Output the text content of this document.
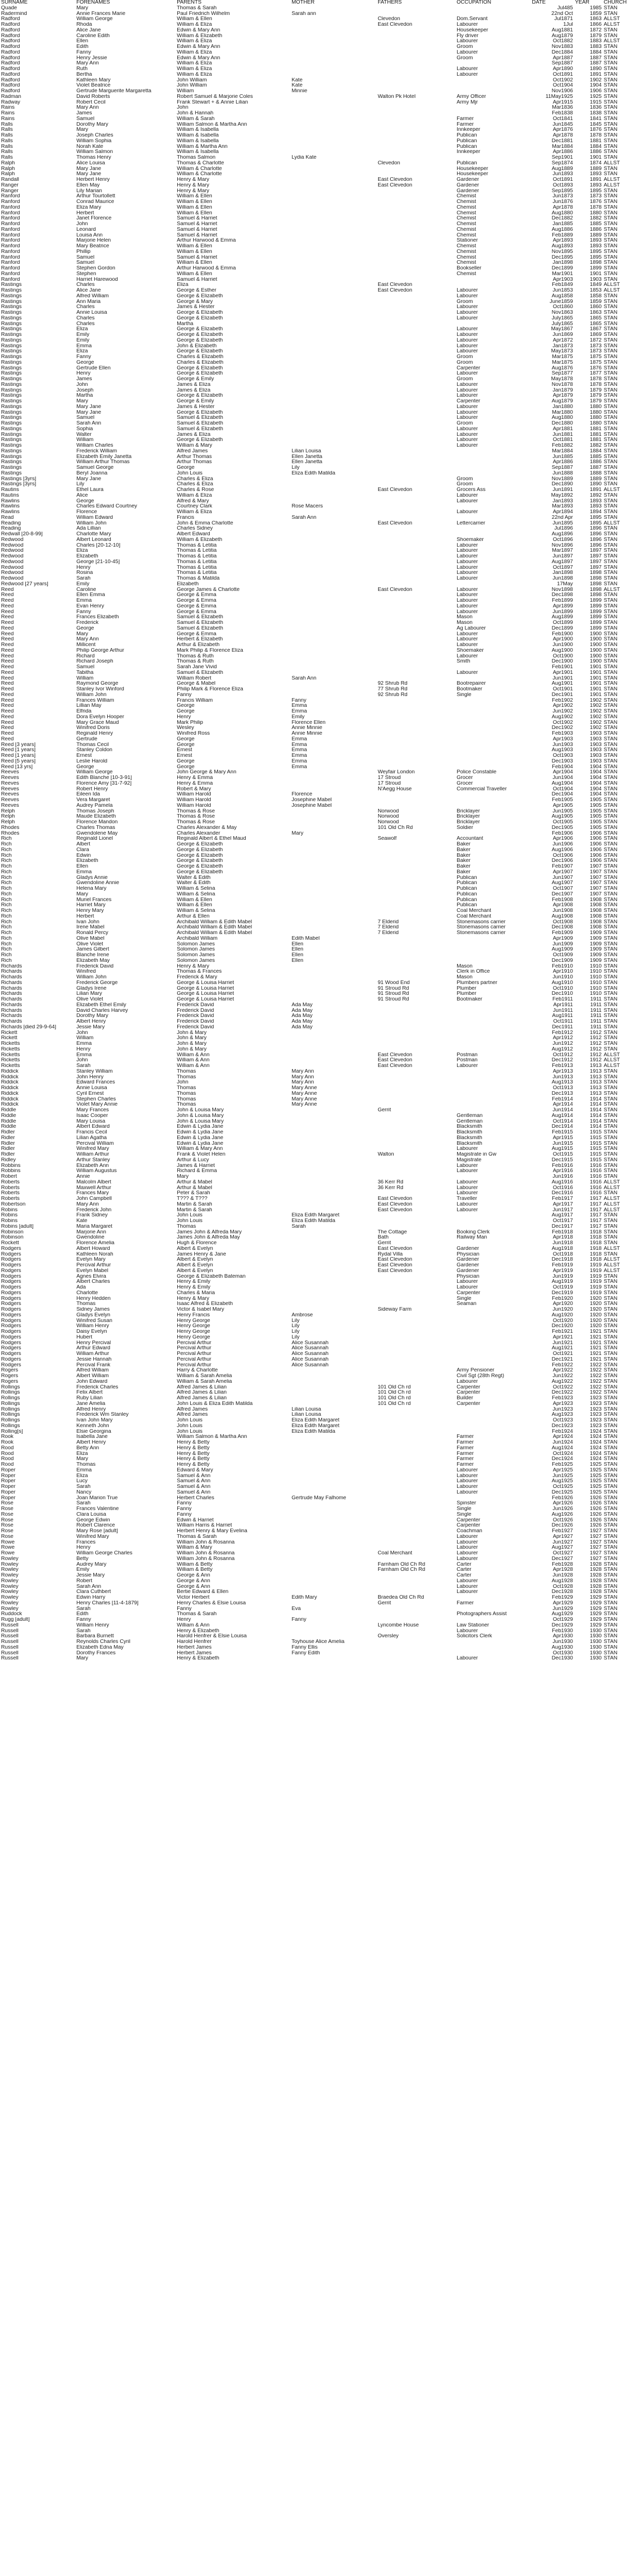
SURNAME	FORENAMES	PARENTS	MOTHER	FATHERS	OCCUPATION	DATE	YEAR	CHURCH
Quade	Mary	Thomas & Sarah				Jul485	1985	STAN
Radermind	Annie Frances Marie	Paul Friedrich Wilhelm	Sarah ann			22nd Oct	1859	STAN
Radford	William George	William & Ellen		Clevedon	Dom.Servant	Jul1871	1863	ALLST
Radford	Rhoda	William & Eliza		East Clevedon	Labourer	1Jul	1866	ALLST
Radford	Alice Jane	Edwin & Mary Ann			Housekeeper	Aug1881	1872	STAN
Radford	Caroline Edith	William & Elizabeth			Fly driver	Aug1879	1879	STAN
Radford	Ellen	William & Eliza			Labourer	Oct1882	1883	ALLST
Radford	Edith	Edwin & Mary Ann			Groom	Nov1883	1883	STAN
Radford	Fanny	William & Eliza			Labourer	Dec1884	1884	STAN
Radford	Henry Jessie	Edwin & Mary Ann			Groom	Apr1887	1887	STAN
Radford	Mary Ann	William & Eliza				Sep1887	1887	STAN
Radford	Ruth	William & Eliza			Labourer	Apr1890	1890	STAN
Radford	Bertha	William & Eliza			Labourer	Oct1891	1891	STAN
Radford	Kathleen Mary	John William	Kate			Oct1902	1902	STAN
Radford	Violet Beatrice	John William	Kate			Oct1904	1904	STAN
Radford	Gertrude Marguerite Margaretta	William	Minnie			Nov1906	1906	STAN
Radman	David Roberts	Robert Samuel & Marjorie Coles		Walton Pk Hotel	Army Officer	11May1925	1925	STAN
Radway	Robert Cecil	Frank Stewart + & Annie Lilian			Army Mjr	Apr1915	1915	STAN
Rains	Mary Ann	John				Mar1836	1836	STAN
Rains	James	John & Hannah				Feb1838	1838	STAN
Rains	Samuel	William & Sarah			Farmer	Oct1841	1841	STAN
Ralls	Dorothy Mary	William Salmon & Martha Ann			Farmer	Jun1845	1845	STAN
Ralls	Mary	William & Isabella			Innkeeper	Apr1876	1876	STAN
Ralls	Joseph Charles	William & Isabella			Publican	Apr1878	1878	STAN
Ralls	William Sophia	William & Isabella			Publican	Dec1881	1881	STAN
Ralls	Norah Kate	William & Martha Ann			Publican	Mar1884	1884	STAN
Ralls	William Salmon	William & Isabella			Innkeeper	Apr1886	1886	STAN
Ralls	Thomas Henry	Thomas Salmon	Lydia Kate			Sep1901	1901	STAN
Ralph	Alice Louisa	Thomas & Charlotte		Clevedon	Publican	Sep1874	1874	ALLST
Ralph	Mary Jane	William & Charlotte			Housekeeper	Aug1889	1889	STAN
Ralph	Mary Jane	William & Charlotte			Housekeeper	Jun1893	1893	STAN
Randall	Herbert Henry	Henry & Mary		East Clevedon	Gardener	Oct1891	1891	ALLST
Ranger	Ellen May	Henry & Mary		East Clevedon	Gardener	Oct1893	1893	ALLST
Ranger	Lily Marian	Henry & Mary			Gardener	Sep1895	1895	STAN
Ranford	Arthur Tourtollett	William & Ellen			Chemist	Jun1873	1873	STAN
Ranford	Conrad Maurice	William & Ellen			Chemist	Jun1876	1876	STAN
Ranford	Eliza Mary	William & Ellen			Chemist	Apr1878	1878	STAN
Ranford	Herbert	William & Ellen			Chemist	Aug1880	1880	STAN
Ranford	Janet Florence	Samuel & Harriet			Chemist	Dec1882	1882	STAN
Ranford	John	Samuel & Harriet			Chemist	Jan1885	1885	STAN
Ranford	Leonard	Samuel & Harriet			Chemist	Aug1886	1886	STAN
Ranford	Louisa Ann	Samuel & Harriet			Chemist	Feb1889	1889	STAN
Ranford	Marjorie Helen	Arthur Harwood & Emma			Stationer	Apr1893	1893	STAN
Ranford	Mary Beatrice	William & Ellen			Chemist	Aug1893	1893	STAN
Ranford	Phillip	William & Ellen			Chemist	Nov1895	1895	STAN
Ranford	Samuel	Samuel & Harriet			Chemist	Dec1895	1895	STAN
Ranford	Samuel	William & Ellen			Chemist	Jan1898	1898	STAN
Ranford	Stephen Gordon	Arthur Harwood & Emma			Bookseller	Dec1899	1899	STAN
Ranford	Stephen	William & Ellen			Chemist	Mar1901	1901	STAN
Ranford	Harriet Harewood	Samuel & Harriet				Apr1903	1903	STAN
Rastings	Charles	Eliza		East Clevedon		Feb1849	1849	ALLST
Rastings	Alice Jane	George & Esther		East Clevedon	Labourer	Jun1853	1853	ALLST
Rastings	Alfred William	George & Elizabeth			Labourer	Aug1858	1858	STAN
Rastings	Ann Maria	George & Mary			Groom	June1859	1859	STAN
Rastings	Charles	James & Hester			Labourer	Oct1860	1860	STAN
Rastings	Annie Louisa	George & Elizabeth			Labourer	Nov1863	1863	STAN
Rastings	Charles	George & Elizabeth			Labourer	July1865	1865	STAN
Rastings	Charles	Martha				July1865	1865	STAN
Rastings	Eliza	George & Elizabeth			Labourer	May1867	1867	STAN
Rastings	Emily	George & Elizabeth			Labourer	Jun1869	1869	STAN
Rastings	Emily	George & Elizabeth			Labourer	Apr1872	1872	STAN
Rastings	Emma	John & Elizabeth			Labourer	Jan1873	1873	STAN
Rastings	Eliza	George & Elizabeth			Labourer	May1873	1873	STAN
Rastings	Fanny	Charles & Elizabeth			Groom	Mar1875	1875	STAN
Rastings	George	Charles & Elizabeth			Groom	Mar1875	1875	STAN
Rastings	Gertrude Ellen	George & Elizabeth			Carpenter	Aug1876	1876	STAN
Rastings	Henry	George & Elizabeth			Labourer	Sep1877	1877	STAN
Rastings	James	George & Emily			Groom	May1878	1878	STAN
Rastings	John	James & Eliza			Labourer	Nov1878	1878	STAN
Rastings	Joseph	James & Eliza			Labourer	Jan1879	1879	STAN
Rastings	Martha	George & Elizabeth			Labourer	Apr1879	1879	STAN
Rastings	Mary	George & Emily			Carpenter	Aug1879	1879	STAN
Rastings	Mary Jane	James & Hester			Labourer	Jan1880	1880	STAN
Rastings	Mary Jane	George & Elizabeth			Labourer	Mar1880	1880	STAN
Rastings	Samuel	Samuel & Elizabeth			Labourer	Aug1880	1880	STAN
Rastings	Sarah Ann	Samuel & Elizabeth			Groom	Dec1880	1880	STAN
Rastings	Sophia	Samuel & Elizabeth			Labourer	Apr1881	1881	STAN
Rastings	Walter	James & Eliza			Labourer	Jun1881	1881	STAN
Rastings	William	George & Elizabeth			Labourer	Oct1881	1881	STAN
Rastings	William Charles	William & Mary			Labourer	Feb1882	1882	STAN
Rastings	Frederick William	Alfred James	Lilian Louisa			Mar1884	1884	STAN
Rastings	Elizabeth Emily Janetta	Arthur Thomas	Ellen Janetta			Jun1885	1885	STAN
Rastings	William Arthur Thomas	Arthur Thomas	Ellen Janetta			Apr1886	1886	STAN
Rastings	Samuel George	George	Lily			Sep1887	1887	STAN
Rastings	Beryl Joanna	John Louis	Eliza Edith Matilda			Jun1888	1888	STAN
Rastings [3yrs]	Mary Jane	Charles & Eliza			Groom	Nov1889	1889	STAN
Rastings [3yrs]	Lily	Charles & Eliza			Groom	Dec1890	1890	STAN
Rautins	Ethel Laura	Charles & Rose		East Clevedon	Grocers Ass	Jun1891	1891	ALLST
Rautins	Alice	William & Eliza			Labourer	May1892	1892	STAN
Rawlins	George	Alfred & Mary			Labourer	Jan1893	1893	STAN
Rawlins	Charles Edward Courtney	Courtney Clark	Rose Macers			Mar1893	1893	STAN
Rawlins	Florence	William & Eliza			Labourer	Apr1894	1894	STAN
Read	William Edward	Francis	Sarah Ann			22nd Apr	1895	STAN
Reading	William John	John & Emma Charlotte		East Clevedon	Lettercarrier	Jun1895	1895	ALLST
Reading	Ada Lillian	Charles Sidney				Jul1896	1896	STAN
Redwall [20-8-99]	Charlotte Mary	Albert Edward				Aug1896	1896	STAN
Redwood	Albert Leonard	William & Elizabeth			Shoemaker	Oct1896	1896	STAN
Redwood	Charles [20-12-10]	Thomas & Letitia			Labourer	Nov1896	1896	STAN
Redwood	Eliza	Thomas & Letitia			Labourer	Mar1897	1897	STAN
Redwood	Elizabeth	Thomas & Letitia			Labourer	Jun1897	1897	STAN
Redwood	George [21-10-45]	Thomas & Letitia			Labourer	Aug1897	1897	STAN
Redwood	Henry	Thomas & Letitia			Labourer	Oct1897	1897	STAN
Redwood	Rosina	Thomas & Letitia			Labourer	Jan1898	1898	STAN
Redwood	Sarah	Thomas & Matilda			Labourer	Jun1898	1898	STAN
Redwood [27 years]	Emily	Elizabeth				17May	1898	STAN
Reed	Caroline	George James & Charlotte		East Clevedon	Labourer	Nov1898	1898	ALLST
Reed	Ellen Emma	George & Emma			Labourer	Dec1898	1898	STAN
Reed	Emma	George & Emma			Labourer	Feb1899	1899	STAN
Reed	Evan Henry	George & Emma			Labourer	Apr1899	1899	STAN
Reed	Fanny	George & Emma			Labourer	Jun1899	1899	STAN
Reed	Frances Elizabeth	Samuel & Elizabeth			Mason	Aug1899	1899	STAN
Reed	Frederick	Samuel & Elizabeth			Mason	Oct1899	1899	STAN
Reed	George	Samuel & Elizabeth			Ag Labourer	Dec1899	1899	STAN
Reed	Mary	George & Emma			Labourer	Feb1900	1900	STAN
Reed	Mary Ann	Herbert & Elizabeth			Labourer	Apr1900	1900	STAN
Reed	Millicent	Arthur & Elizabeth			Labourer	Jun1900	1900	STAN
Reed	Philip George Arthur	Mark Philip & Florence Eliza			Shoemaker	Aug1900	1900	STAN
Reed	Richard	Thomas & Ruth			Labourer	Oct1900	1900	STAN
Reed	Richard Joseph	Thomas & Ruth			Smith	Dec1900	1900	STAN
Reed	Samuel	Sarah Jane Vivid				Feb1901	1901	STAN
Reed	Tabitha	Samuel & Elizabeth			Labourer	Apr1901	1901	STAN
Reed	William	William Robert	Sarah Ann			Jun1901	1901	STAN
Reed	Raymond George	George & Mabel		92 Shrub Rd	Bootrepairer	Aug1901	1901	STAN
Reed	Stanley Ivor Winford	Philip Mark & Florence Eliza		77 Shrub Rd	Bootmaker	Oct1901	1901	STAN
Reed	William John	Fanny		92 Shrub Rd	Single	Dec1901	1901	STAN
Reed	Frances William	Francis William	Fanny			Feb1902	1902	STAN
Reed	Lillian May	George	Emma			Apr1902	1902	STAN
Reed	Elfrida	George	Emma			Jun1902	1902	STAN
Reed	Dora Evelyn Hooper	Henry	Emily			Aug1902	1902	STAN
Reed	Mary Grace Maud	Mark Philip	Florence Ellen			Oct1902	1902	STAN
Reed	Winifred Doris	Wesley	Annie Minnie			Dec1902	1902	STAN
Reed	Reginald Henry	Winifred Ross	Annie Minnie			Feb1903	1903	STAN
Reed	Gertrude	George	Emma			Apr1903	1903	STAN
Reed [3 years]	Thomas Cecil	George	Emma			Jun1903	1903	STAN
Reed [1 years]	Stanley Coldon	Ernest	Emma			Aug1903	1903	STAN
Reed [1 years]	Ernest	Ernest	Emma			Oct1903	1903	STAN
Reed [5 years]	Leslie Harold	George	Emma			Dec1903	1903	STAN
Reed [13 yrs]	George	George	Emma			Feb1904	1904	STAN
Reeves	William George	John George & Mary Ann		Weyfair London	Police Constable	Apr1904	1904	STAN
Reeves	Edith Blanche [10-3-91]	Henry & Emma		17 Stroud	Grocer	Jun1904	1904	STAN
Reeves	Florence Amy [31-7-92]	Henry & Emma		17 Stroud	Grocer	Aug1904	1904	STAN
Reeves	Robert Henry	Robert & Mary		N'Aegg House	Commercial Traveller	Oct1904	1904	STAN
Reeves	Eileen Ida	William Harold	Florence			Dec1904	1904	STAN
Reeves	Vera Margaret	William Harold	Josephine Mabel			Feb1905	1905	STAN
Reeves	Audrey Pamela	William Harold	Josephine Mabel			Apr1905	1905	STAN
Relph	Thomas Joseph	Thomas & Rose		Norwood	Bricklayer	Jun1905	1905	STAN
Relph	Maude Elizabeth	Thomas & Rose		Norwood	Bricklayer	Aug1905	1905	STAN
Relph	Florence Mandon	Thomas & Rose		Norwood	Bricklayer	Oct1905	1905	STAN
Rhodes	Charles Thomas	Charles Alexander & May		101 Old Ch Rd	Soldier	Dec1905	1905	STAN
Rhodes	Gwendolene May	Charles Alexander	Mary			Feb1906	1906	STAN
Rich	Reginald Lionel	Reginald Albert & Ethel Maud		Seawolf	Accountant	Apr1906	1906	STAN
Rich	Albert	George & Elizabeth			Baker	Jun1906	1906	STAN
Rich	Clara	George & Elizabeth			Baker	Aug1906	1906	STAN
Rich	Edwin	George & Elizabeth			Baker	Oct1906	1906	STAN
Rich	Elizabeth	George & Elizabeth			Baker	Dec1906	1906	STAN
Rich	Ellen	George & Elizabeth			Baker	Feb1907	1907	STAN
Rich	Emma	George & Elizabeth			Baker	Apr1907	1907	STAN
Rich	Gladys Annie	Walter & Edith			Publican	Jun1907	1907	STAN
Rich	Gwendoline Annie	Walter & Edith			Publican	Aug1907	1907	STAN
Rich	Helena Mary	William & Selina			Publican	Oct1907	1907	STAN
Rich	Mary	William & Selina			Publican	Dec1907	1907	STAN
Rich	Muriel Frances	William & Ellen			Publican	Feb1908	1908	STAN
Rich	Harriet Mary	William & Ellen			Publican	Apr1908	1908	STAN
Rich	Henry Mary	William & Selina			Coal Merchant	Jun1908	1908	STAN
Rich	Herbert	Arthur & Ellen			Coal Merchant	Aug1908	1908	STAN
Rich	Ivan John	Archibald William & Edith Mabel		7 Elderid	Stonemasons carrier	Oct1908	1908	STAN
Rich	Irene Mabel	Archibald William & Edith Mabel		7 Elderid	Stonemasons carrier	Dec1908	1908	STAN
Rich	Ronald Percy	Archibald William & Edith Mabel		7 Elderid	Stonemasons carrier	Feb1909	1909	STAN
Rich	Olive Mabel	Archibald William	Edith Mabel			Apr1909	1909	STAN
Rich	Olive Violet	Solomon James	Ellen			Jun1909	1909	STAN
Rich	James Gilbert	Solomon James	Ellen			Aug1909	1909	STAN
Rich	Blanche Irene	Solomon James	Ellen			Oct1909	1909	STAN
Rich	Elizabeth May	Solomon James	Ellen			Dec1909	1909	STAN
Richards	Frederick David	Henry & Mary			Mason	Feb1910	1910	STAN
Richards	Winifred	Thomas & Frances			Clerk in Office	Apr1910	1910	STAN
Richards	William John	Frederick & Mary			Mason	Jun1910	1910	STAN
Richards	Frederick George	George & Louisa Harriet		91 Wood End	Plumbers partner	Aug1910	1910	STAN
Richards	Gladys Irene	George & Louisa Harriet		91 Stroud Rd	Plumber	Oct1910	1910	STAN
Richards	Lilian Mary	George & Louisa Harriet		91 Stroud Rd	Plumber	Dec1910	1910	STAN
Richards	Olive Violet	George & Louisa Harriet		91 Stroud Rd	Bootmaker	Feb1911	1911	STAN
Richards	Elizabeth Ethel Emily	Frederick David	Ada May			Apr1911	1911	STAN
Richards	David Charles Harvey	Frederick David	Ada May			Jun1911	1911	STAN
Richards	Dorothy Mary	Frederick David	Ada May			Aug1911	1911	STAN
Richards	Albert Henry	Frederick David	Ada May			Oct1911	1911	STAN
Richards [died 29-9-64]	Jessie Mary	Frederick David	Ada May			Dec1911	1911	STAN
Rickett	John	John & Mary				Feb1912	1912	STAN
Rickett	William	John & Mary				Apr1912	1912	STAN
Ricketts	Emma	John & Mary				Jun1912	1912	STAN
Ricketts	Henry	John & Mary				Aug1912	1912	STAN
Ricketts	Emma	William & Ann		East Clevedon	Postman	Oct1912	1912	ALLST
Ricketts	John	William & Ann		East Clevedon	Postman	Dec1912	1912	ALLST
Ricketts	Sarah	William & Ann		East Clevedon	Labourer	Feb1913	1913	ALLST
Riddick	Stanley William	Thomas	Mary Ann			Apr1913	1913	STAN
Riddick	John Henry	Thomas	Mary Ann			Jun1913	1913	STAN
Riddick	Edward Frances	John	Mary Ann			Aug1913	1913	STAN
Riddick	Annie Louisa	Thomas	Mary Anne			Oct1913	1913	STAN
Riddick	Cyril Ernest	Thomas	Mary Anne			Dec1913	1913	STAN
Riddick	Stephen Charles	Thomas	Mary Anne			Feb1914	1914	STAN
Riddick	Violet Mary Annie	Thomas	Mary Anne			Apr1914	1914	STAN
Riddle	Mary Frances	John & Louisa Mary		Gerrit		Jun1914	1914	STAN
Riddle	Isaac Cooper	John & Louisa Mary			Gentleman	Aug1914	1914	STAN
Riddle	Mary Louisa	John & Louisa Mary			Gentleman	Oct1914	1914	STAN
Riddle	Albert Edward	Edwin & Lydia Jane			Blacksmith	Dec1914	1914	STAN
Ridler	Francis Cecil	Edwin & Lydia Jane			Blacksmith	Feb1915	1915	STAN
Ridler	Lilian Agatha	Edwin & Lydia Jane			Blacksmith	Apr1915	1915	STAN
Ridler	Percival William	Edwin & Lydia Jane			Blacksmith	Jun1915	1915	STAN
Ridler	Winifred Mary	William & Mary Ann			Labourer	Aug1915	1915	STAN
Ridler	William Arthur	Frank & Violet Helen		Walton	Magistrate in Gw	Oct1915	1915	STAN
Ridley	Arthur Stanley	Arthur & Lucy			Magistrate	Dec1915	1915	STAN
Robbins	Elizabeth Ann	James & Harriet			Labourer	Feb1916	1916	STAN
Robbins	William Augustus	Richard & Emma			Labourer	Apr1916	1916	STAN
Robert	Annie	Mary				Jun1916	1916	STAN
Roberts	Malcolm Albert	Arthur & Mabel		36 Kerr Rd	Labourer	Aug1916	1916	ALLST
Roberts	Maxwell Arthur	Arthur & Mabel		36 Kerr Rd	Labourer	Oct1916	1916	ALLST
Roberts	Frances Mary	Peter & Sarah			Labourer	Dec1916	1916	STAN
Roberts	John Campbell	T??? & T???		East Clevedon	Traveller	Feb1917	1917	ALLST
Robertson	Mary Ann	Martin & Sarah		East Clevedon	Labourer	Apr1917	1917	ALLST
Robins	Frederick John	Martin & Sarah		East Clevedon	Labourer	Jun1917	1917	ALLST
Robins	Frank Sidney	John Louis	Eliza Edith Margaret			Aug1917	1917	STAN
Robins	Kate	John Louis	Eliza Edith Matilda			Oct1917	1917	STAN
Robins [adult]	Maria Margaret	Thomas	Sarah			Dec1917	1917	STAN
Robinson	Marjorie Ann	James John & Alfreda Mary		The Cottage	Booking Clerk	Feb1918	1918	STAN
Robinson	Gwendoline	James John & Alfreda May		Bath	Railway Man	Apr1918	1918	STAN
Rockett	Florence Amelia	Hugh & Florence		Gerrit		Jun1918	1918	STAN
Rodgers	Albert Howard	Albert & Evelyn		East Clevedon	Gardener	Aug1918	1918	ALLST
Rodgers	Kathleen Norah	James Henry & Jane		Rydal Villa	Physician	Oct1918	1918	STAN
Rodgers	Evelyn Mary	Albert & Evelyn		East Clevedon	Gardener	Dec1918	1918	ALLST
Rodgers	Percival Arthur	Albert & Evelyn		East Clevedon	Gardener	Feb1919	1919	ALLST
Rodgers	Evelyn Mabel	Albert & Evelyn		East Clevedon	Gardener	Apr1919	1919	ALLST
Rodgers	Agnes Elvira	George & Elizabeth Bateman			Physician	Jun1919	1919	STAN
Rodgers	Albert Charles	Henry & Emily			Labourer	Aug1919	1919	STAN
Rodgers	Ada	Henry & Emily			Labourer	Oct1919	1919	STAN
Rodgers	Charlotte	Charles & Maria			Carpenter	Dec1919	1919	STAN
Rodgers	Henry Hedden	Henry & Mary			Single	Feb1920	1920	STAN
Rodgers	Thomas	Isaac Alfred & Elizabeth			Seaman	Apr1920	1920	STAN
Rodgers	Sidney James	Victor & Isabel Mary		Sideway Farm		Jun1920	1920	STAN
Rodgers	Gladys Evelyn	Henry Francis	Ambrose			Aug1920	1920	STAN
Rodgers	Winifred Susan	Henry George	Lily			Oct1920	1920	STAN
Rodgers	William Henry	Henry George	Lily			Dec1920	1920	STAN
Rodgers	Daisy Evelyn	Henry George	Lily			Feb1921	1921	STAN
Rodgers	Hubert	Henry George	Lily			Apr1921	1921	STAN
Rodgers	Henry Percival	Percival Arthur	Alice Susannah			Jun1921	1921	STAN
Rodgers	Arthur Edward	Percival Arthur	Alice Susannah			Aug1921	1921	STAN
Rodgers	William Arthur	Percival Arthur	Alice Susannah			Oct1921	1921	STAN
Rodgers	Jessie Hannah	Percival Arthur	Alice Susannah			Dec1921	1921	STAN
Rodgers	Percival Frank	Percival Arthur	Alice Susannah			Feb1922	1922	STAN
Rogers	Alfred William	Harry & Charlotte			Army Pensioner	Apr1922	1922	STAN
Rogers	Albert William	William & Sarah Amelia			Civil Sgt (28th Regt)	Jun1922	1922	STAN
Rogers	John Edward	William & Sarah Amelia			Labourer	Aug1922	1922	STAN
Rollings	Frederick Charles	Alfred James & Lilian		101 Old Ch rd	Carpenter	Oct1922	1922	STAN
Rollings	Felix Albert	Alfred James & Lilian		101 Old Ch rd	Carpenter	Dec1922	1922	STAN
Rollings	Ruby Lilian	Alfred James & Lilian		101 Old Ch rd	Builder	Feb1923	1923	STAN
Rollings	Jane Amelia	John Louis & Eliza Edith Matilda		101 Old Ch rd	Carpenter	Apr1923	1923	STAN
Rollings	Alfred Henry	Alfred James	Lilian Louisa			Jun1923	1923	STAN
Rollings	Frederick Wm Stanley	Alfred James	Lilian Louisa			Aug1923	1923	STAN
Rollings	Ivan John Mary	John Louis	Eliza Edith Margaret			Oct1923	1923	STAN
Rollings	Kenneth John	John Louis	Eliza Edith Margaret			Dec1923	1923	STAN
Rolling[s]	Elsie Georgina	John Louis	Eliza Edith Matilda			Feb1924	1924	STAN
Rook	Isabella Jane	William Salmon & Martha Ann			Farmer	Apr1924	1924	STAN
Rook	Albert Henry	Henry & Betty			Farmer	Jun1924	1924	STAN
Rood	Betty Ann	Henry & Betty			Farmer	Aug1924	1924	STAN
Rood	Eliza	Henry & Betty			Farmer	Oct1924	1924	STAN
Rood	Mary	Henry & Betty			Farmer	Dec1924	1924	STAN
Rood	Thomas	Henry & Betty			Farmer	Feb1925	1925	STAN
Roper	Emma	Edward & Mary			Labourer	Apr1925	1925	STAN
Roper	Eliza	Samuel & Ann			Labourer	Jun1925	1925	STAN
Roper	Lucy	Samuel & Ann			Labourer	Aug1925	1925	STAN
Roper	Sarah	Samuel & Ann			Labourer	Oct1925	1925	STAN
Roper	Nancy	Samuel & Ann			Labourer	Dec1925	1925	STAN
Roper	Joan Marion True	Herbert Charles	Gertrude May Falhome			Feb1926	1926	STAN
Rose	Sarah	Fanny			Spinster	Apr1926	1926	STAN
Rose	Frances Valentine	Fanny			Single	Jun1926	1926	STAN
Rose	Clara Louisa	Fanny			Single	Aug1926	1926	STAN
Rose	George Edwin	Edwin & Harriet			Carpenter	Oct1926	1926	STAN
Rose	Robert Clarence	William Harris & Harriet			Carpenter	Dec1926	1926	STAN
Rose	Mary Rose [adult]	Herbert Henry & Mary Evelina			Coachman	Feb1927	1927	STAN
Rose	Winifred Mary	Thomas & Sarah			Labourer	Apr1927	1927	STAN
Rowe	Frances	William John & Rosanna			Labourer	Jun1927	1927	STAN
Rowe	Henry	William & Mary			Labourer	Aug1927	1927	STAN
Rowe	William George Charles	William John & Rosanna		Coal Merchant	Labourer	Oct1927	1927	STAN
Rowley	Betty	William John & Rosanna			Labourer	Dec1927	1927	STAN
Rowley	Audrey Mary	William & Betty		Farnham Old Ch Rd	Carter	Feb1928	1928	STAN
Rowley	Emily	William & Betty		Farnham Old Ch Rd	Carter	Apr1928	1928	STAN
Rowley	Jessie Mary	George & Ann			Carter	Jun1928	1928	STAN
Rowley	Robert	George & Ann			Labourer	Aug1928	1928	STAN
Rowley	Sarah Ann	George & Ann			Labourer	Oct1928	1928	STAN
Rowley	Clara Cuthbert	Bertie Edward & Ellen			Labourer	Dec1928	1928	STAN
Rowley	Edwin Harry	Victor Herbert	Edith Mary	Braedea Old Ch Rd		Feb1929	1929	STAN
Rowley	Henry Charles [11-4-1879]	Henry Charles & Elsie Louisa		Gerrit	Farmer	Apr1929	1929	STAN
Rowley	Sarah	Fanny	Eva			Jun1929	1929	STAN
Ruddock	Edith	Thomas & Sarah			Photographers Assist	Aug1929	1929	STAN
Rugg [adult]	Fanny	Henry	Fanny			Oct1929	1929	STAN
Russell	William Henry	William & Ann		Lyncombe House	Law Stationer	Dec1929	1929	STAN
Russell	Sarah	Henry & Elizabeth			Labourer	Feb1930	1930	STAN
Russell	Barbara Burnett	Harold Henfrer & Elsie Louisa		Oversley	Solicitors Clerk	Apr1930	1930	STAN
Russell	Reynolds Charles Cyril	Harold Henfrer	Toyhouse Alice Amelia			Jun1930	1930	STAN
Russell	Elizabeth Edna May	Herbert James	Fanny Ellis			Aug1930	1930	STAN
Russell	Dorothy Frances	Herbert James	Fanny Edith			Oct1930	1930	STAN
Russell	Mary	Henry & Elizabeth			Labourer	Dec1930	1930	STAN
